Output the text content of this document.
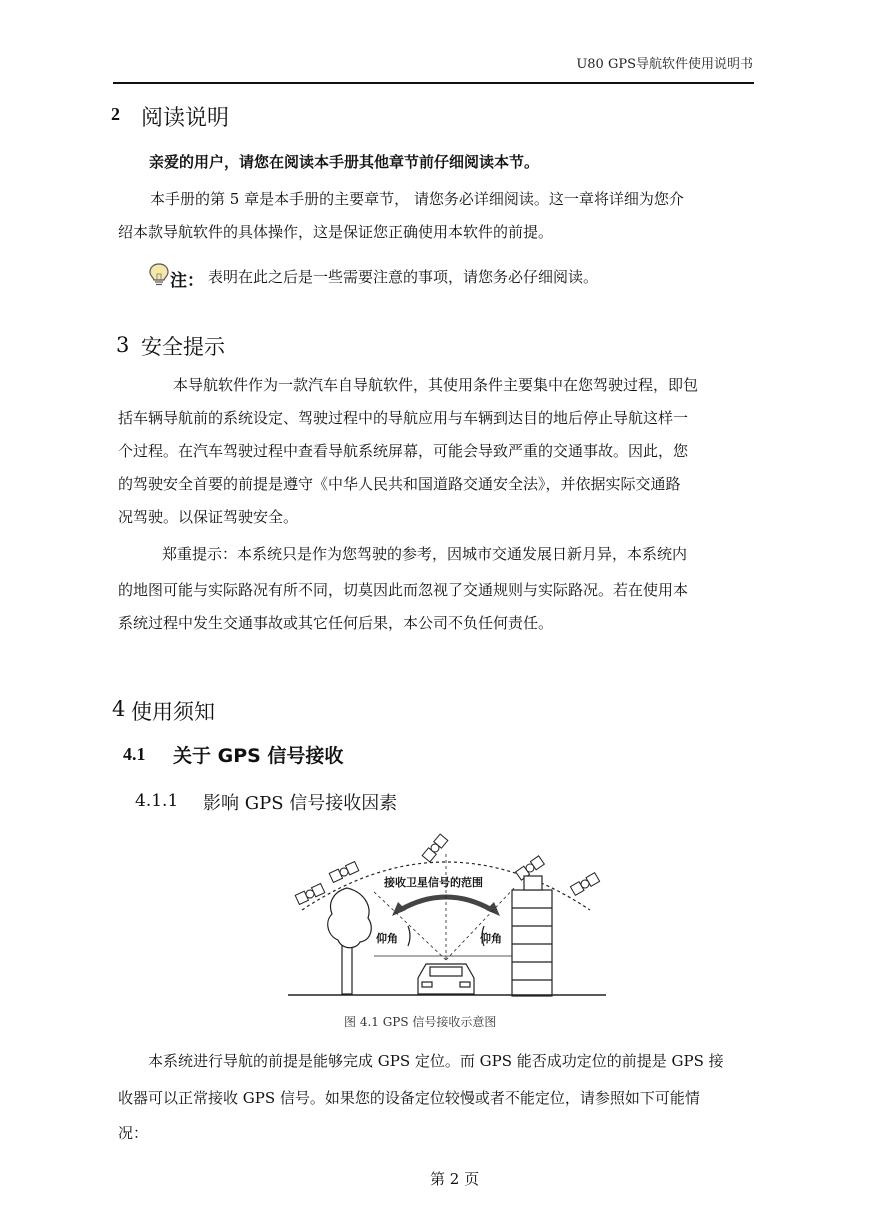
U80 GPS导航软件使用说明书
2 阅读说明
亲爱的用户，请您在阅读本手册其他章节前仔细阅读本节。
本手册的第 5 章是本手册的主要章节， 请您务必详细阅读。这一章将详细为您介
绍本款导航软件的具体操作，这是保证您正确使用本软件的前提。
注： 表明在此之后是一些需要注意的事项，请您务必仔细阅读。
3 安全提示
本导航软件作为一款汽车自导航软件，其使用条件主要集中在您驾驶过程，即包
括车辆导航前的系统设定、驾驶过程中的导航应用与车辆到达目的地后停止导航这样一
个过程。在汽车驾驶过程中查看导航系统屏幕，可能会导致严重的交通事故。因此，您
的驾驶安全首要的前提是遵守《中华人民共和国道路交通安全法》，并依据实际交通路
况驾驶。以保证驾驶安全。
郑重提示：本系统只是作为您驾驶的参考，因城市交通发展日新月异，本系统内
的地图可能与实际路况有所不同，切莫因此而忽视了交通规则与实际路况。若在使用本
系统过程中发生交通事故或其它任何后果，本公司不负任何责任。
4 使用须知
4.1 关于 GPS 信号接收
4.1.1 影响 GPS 信号接收因素
接收卫星信号的范围
仰角	仰角
图 4.1 GPS 信号接收示意图
本系统进行导航的前提是能够完成 GPS 定位。而 GPS 能否成功定位的前提是 GPS 接
收器可以正常接收 GPS 信号。如果您的设备定位较慢或者不能定位，请参照如下可能情
况：
第 2 页
